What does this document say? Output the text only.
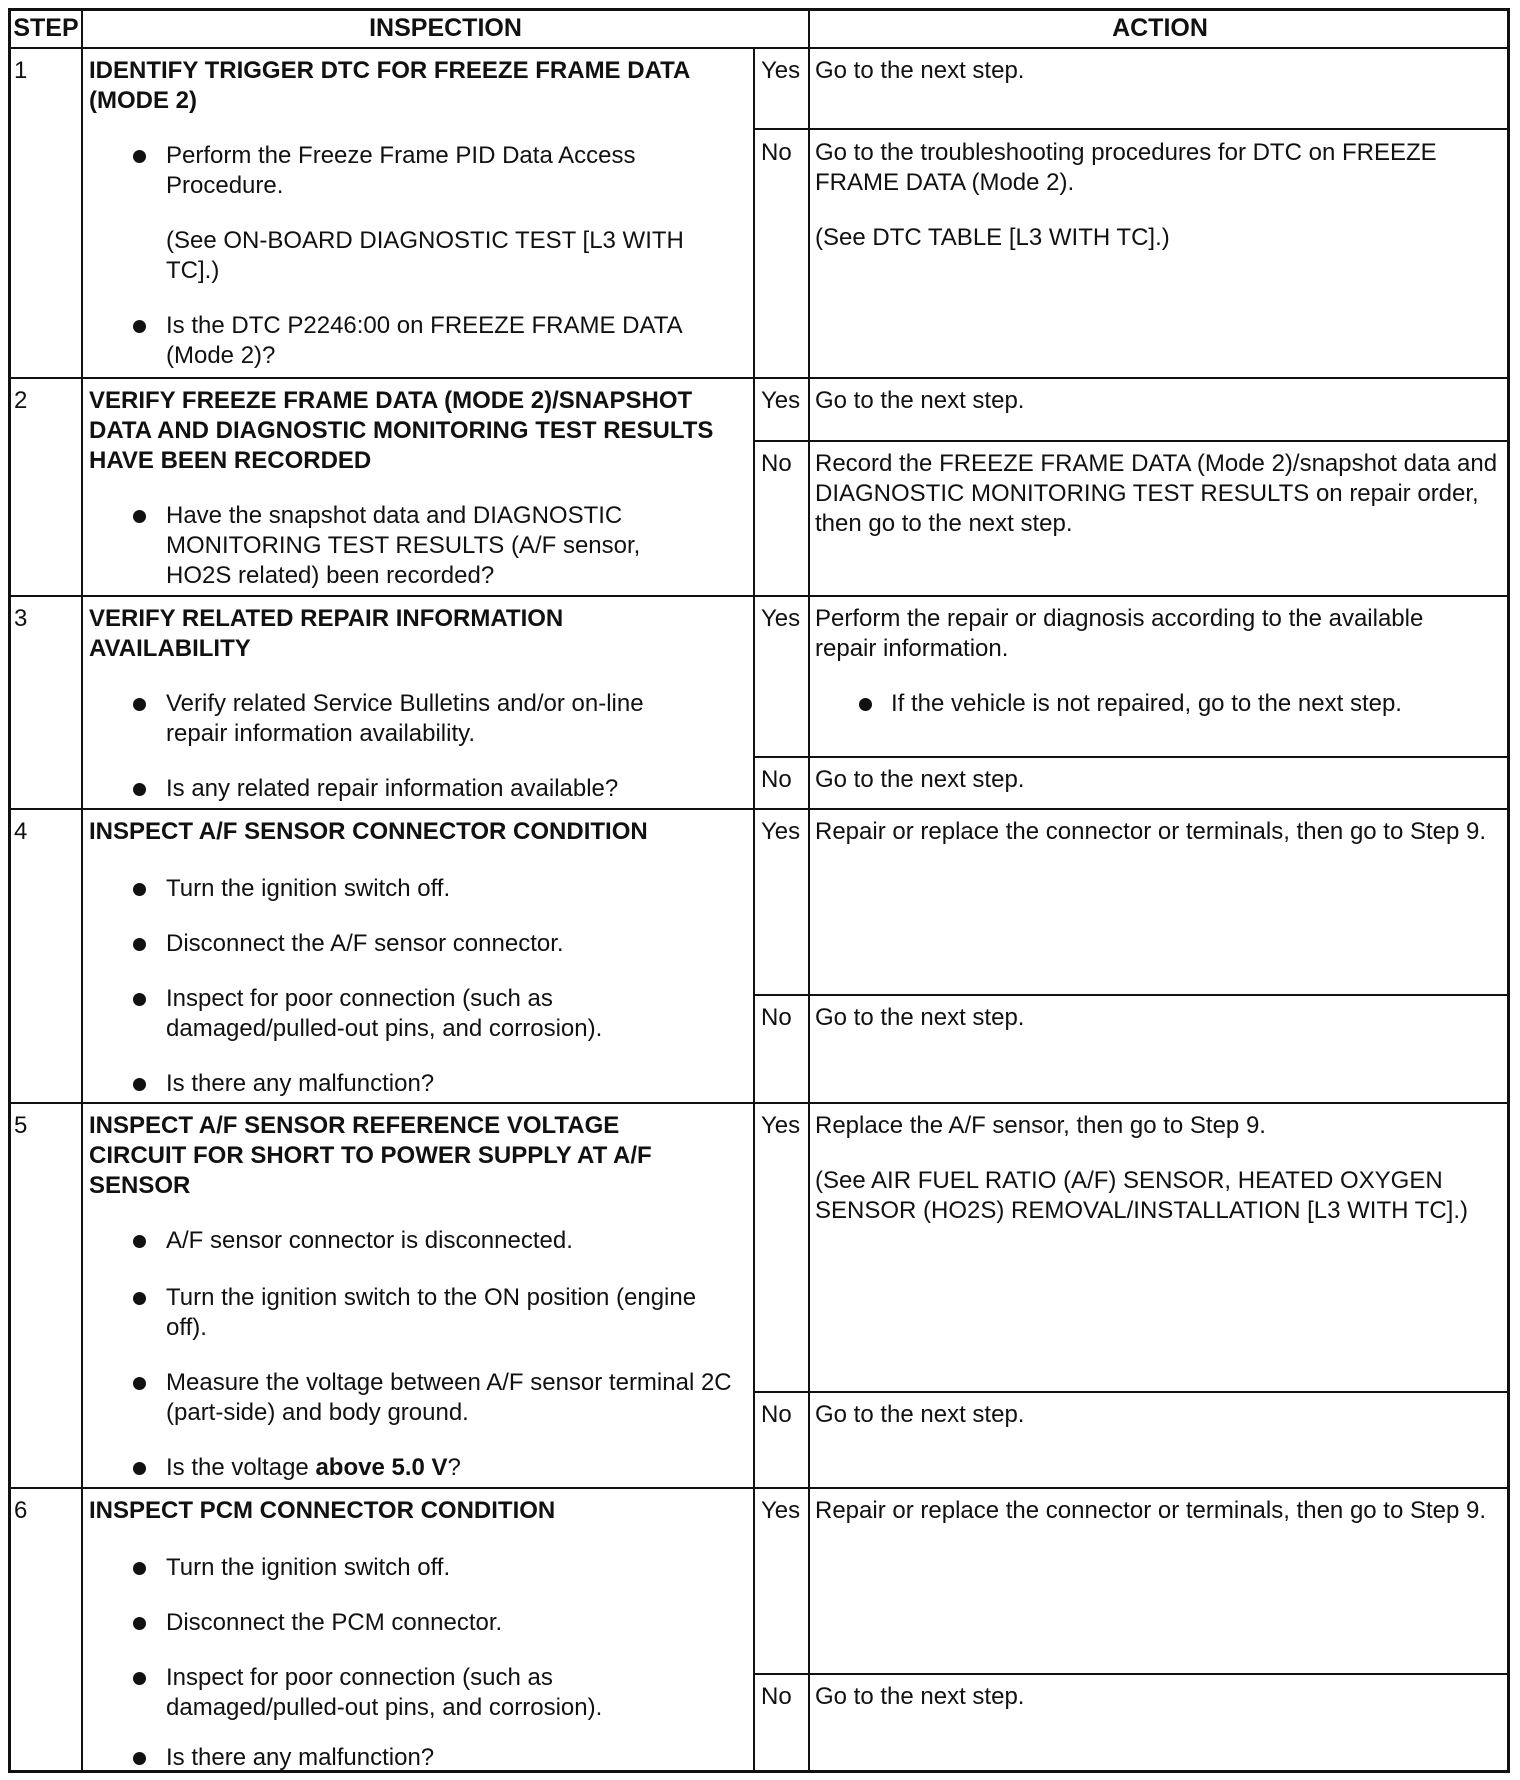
STEP	INSPECTION	ACTION

1	IDENTIFY TRIGGER DTC FOR FREEZE FRAME DATA (MODE 2)

Perform the Freeze Frame PID Data Access Procedure.

(See ON-BOARD DIAGNOSTIC TEST [L3 WITH TC].)

Is the DTC P2246:00 on FREEZE FRAME DATA (Mode 2)?

Yes Go to the next step.

No Go to the troubleshooting procedures for DTC on FREEZE FRAME DATA (Mode 2).

(See DTC TABLE [L3 WITH TC].)

2	VERIFY FREEZE FRAME DATA (MODE 2)/SNAPSHOT DATA AND DIAGNOSTIC MONITORING TEST RESULTS HAVE BEEN RECORDED

Have the snapshot data and DIAGNOSTIC MONITORING TEST RESULTS (A/F sensor, HO2S related) been recorded?

Yes Go to the next step.

No Record the FREEZE FRAME DATA (Mode 2)/snapshot data and DIAGNOSTIC MONITORING TEST RESULTS on repair order, then go to the next step.

3	VERIFY RELATED REPAIR INFORMATION AVAILABILITY

Verify related Service Bulletins and/or on-line repair information availability.

Is any related repair information available?

Yes Perform the repair or diagnosis according to the available repair information.

If the vehicle is not repaired, go to the next step.

No Go to the next step.

4	INSPECT A/F SENSOR CONNECTOR CONDITION

Turn the ignition switch off.

Disconnect the A/F sensor connector.

Inspect for poor connection (such as damaged/pulled-out pins, and corrosion).

Is there any malfunction?

Yes Repair or replace the connector or terminals, then go to Step 9.

No Go to the next step.

5	INSPECT A/F SENSOR REFERENCE VOLTAGE CIRCUIT FOR SHORT TO POWER SUPPLY AT A/F SENSOR

A/F sensor connector is disconnected.

Turn the ignition switch to the ON position (engine off).

Measure the voltage between A/F sensor terminal 2C (part-side) and body ground.

Is the voltage above 5.0 V?

Yes Replace the A/F sensor, then go to Step 9.

(See AIR FUEL RATIO (A/F) SENSOR, HEATED OXYGEN SENSOR (HO2S) REMOVAL/INSTALLATION [L3 WITH TC].)

No Go to the next step.

6	INSPECT PCM CONNECTOR CONDITION

Turn the ignition switch off.

Disconnect the PCM connector.

Inspect for poor connection (such as damaged/pulled-out pins, and corrosion).

Is there any malfunction?

Yes Repair or replace the connector or terminals, then go to Step 9.

No Go to the next step.
